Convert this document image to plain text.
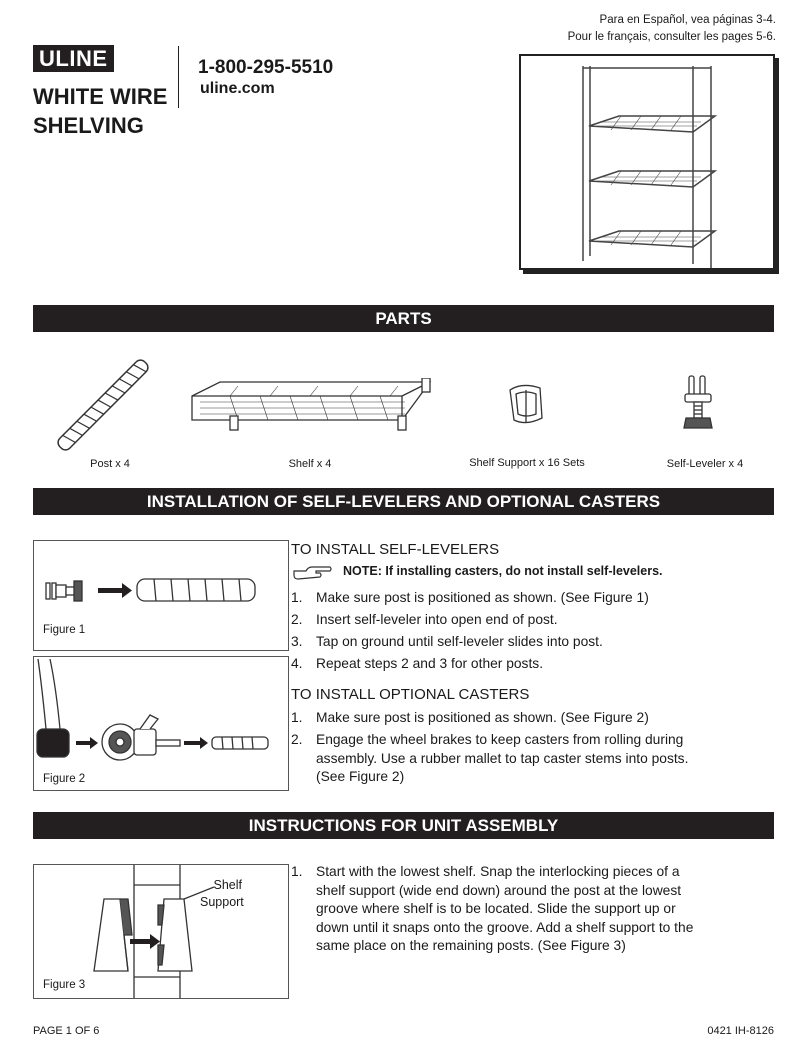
Para en Español, vea páginas 3-4.
Pour le français, consulter les pages 5-6.
ULINE
WHITE WIRE
SHELVING
1-800-295-5510
uline.com
PARTS
Post x 4	Shelf x 4	Shelf Support x 16 Sets	Self-Leveler x 4
INSTALLATION OF SELF-LEVELERS AND OPTIONAL CASTERS
Figure 1
Figure 2
TO INSTALL SELF-LEVELERS
NOTE: If installing casters, do not install self-levelers.
1. Make sure post is positioned as shown. (See Figure 1)
2. Insert self-leveler into open end of post.
3. Tap on ground until self-leveler slides into post.
4. Repeat steps 2 and 3 for other posts.
TO INSTALL OPTIONAL CASTERS
1. Make sure post is positioned as shown. (See Figure 2)
2. Engage the wheel brakes to keep casters from rolling during assembly. Use a rubber mallet to tap caster stems into posts. (See Figure 2)
INSTRUCTIONS FOR UNIT ASSEMBLY
Shelf
Support
Figure 3
1. Start with the lowest shelf. Snap the interlocking pieces of a shelf support (wide end down) around the post at the lowest groove where shelf is to be located. Slide the support up or down until it snaps onto the groove. Add a shelf support to the same place on the remaining posts. (See Figure 3)
PAGE 1 OF 6	0421 IH-8126
